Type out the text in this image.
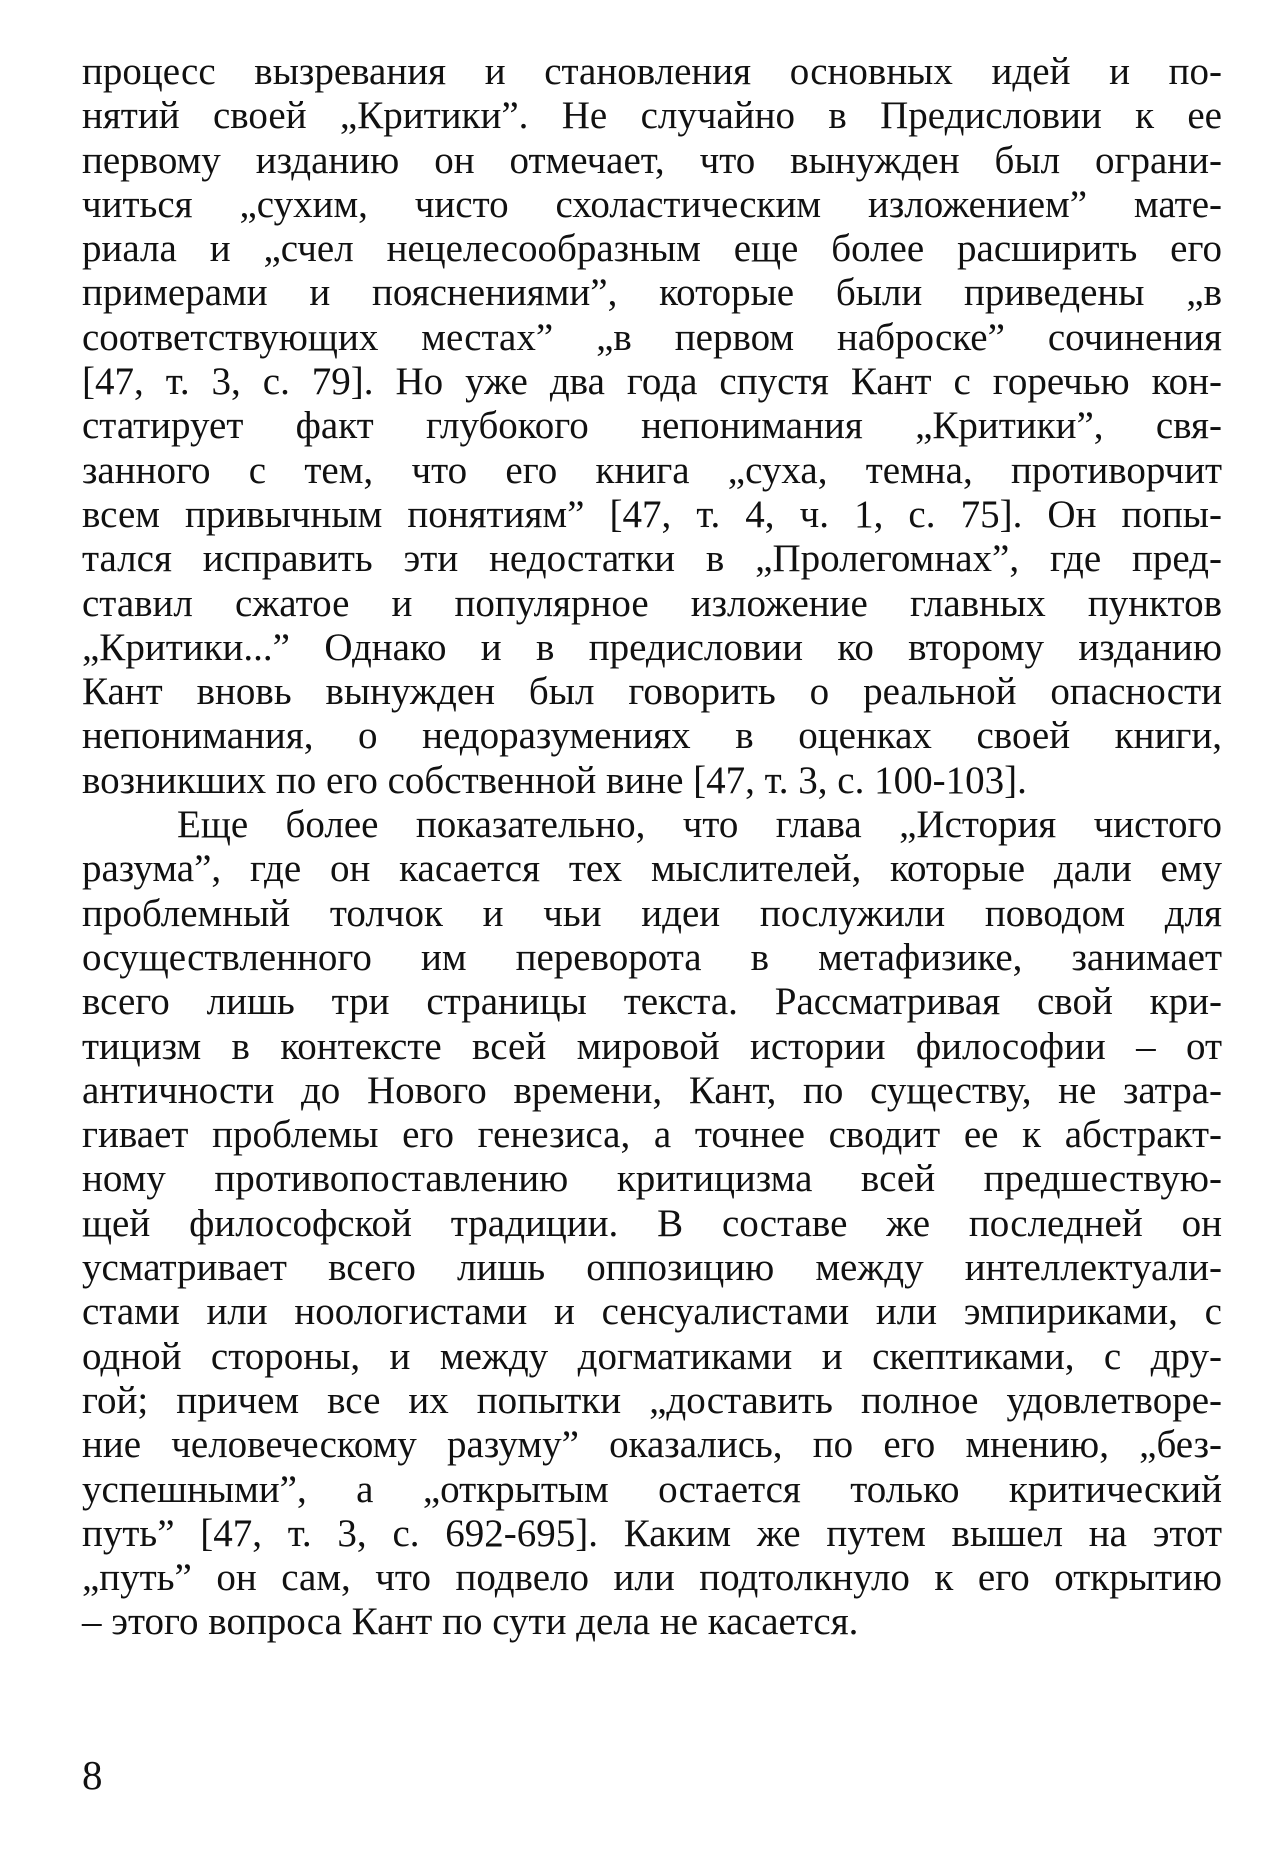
процесс вызревания и становления основных идей и по-
нятий своей „Критики”. Не случайно в Предисловии к ее
первому изданию он отмечает, что вынужден был ограни-
читься „сухим, чисто схоластическим изложением” мате-
риала и „счел нецелесообразным еще более расширить его
примерами и пояснениями”, которые были приведены „в
соответствующих местах” „в первом наброске” сочинения
[47, т. 3, с. 79]. Но уже два года спустя Кант с горечью кон-
статирует факт глубокого непонимания „Критики”, свя-
занного с тем, что его книга „суха, темна, противорчит
всем привычным понятиям” [47, т. 4, ч. 1, с. 75]. Он попы-
тался исправить эти недостатки в „Пролегомнах”, где пред-
ставил сжатое и популярное изложение главных пунктов
„Критики...” Однако и в предисловии ко второму изданию
Кант вновь вынужден был говорить о реальной опасности
непонимания, о недоразумениях в оценках своей книги,
возникших по его собственной вине [47, т. 3, с. 100-103].
Еще более показательно, что глава „История чистого
разума”, где он касается тех мыслителей, которые дали ему
проблемный толчок и чьи идеи послужили поводом для
осуществленного им переворота в метафизике, занимает
всего лишь три страницы текста. Рассматривая свой кри-
тицизм в контексте всей мировой истории философии – от
античности до Нового времени, Кант, по существу, не затра-
гивает проблемы его генезиса, а точнее сводит ее к абстракт-
ному противопоставлению критицизма всей предшествую-
щей философской традиции. В составе же последней он
усматривает всего лишь оппозицию между интеллектуали-
стами или ноологистами и сенсуалистами или эмпириками, с
одной стороны, и между догматиками и скептиками, с дру-
гой; причем все их попытки „доставить полное удовлетворе-
ние человеческому разуму” оказались, по его мнению, „без-
успешными”, а „открытым остается только критический
путь” [47, т. 3, с. 692-695]. Каким же путем вышел на этот
„путь” он сам, что подвело или подтолкнуло к его открытию
– этого вопроса Кант по сути дела не касается.
8
